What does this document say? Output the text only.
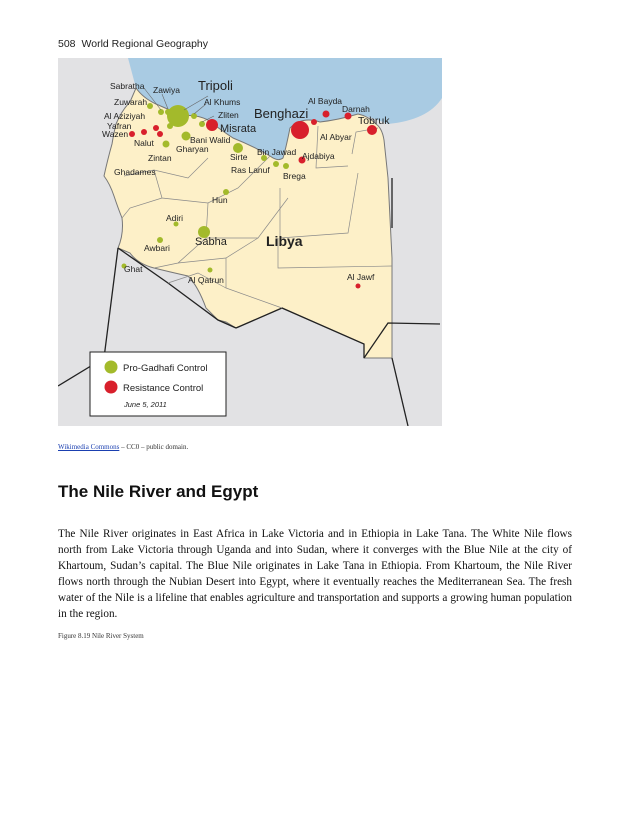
508 World Regional Geography
Sabratha Zawiya Tripoli
Zuwarah	Al Khums
Al Aziziyah	Zliten
Yafran
Wazen	Misrata
Nalut	Bani Walid
Gharyan
Zintan
Ghadames
Benghazi
Al Bayda
Darnah
Tobruk
Al Abyar
Sirte Bin Jawad Ajdabiya
Ras Lanuf
Brega
Hun
Adiri
Awbari Sabha
Ghat
Al Qatrun	Al Jawf
Libya
Pro-Gadhafi Control
Resistance Control
June 5, 2011
Wikimedia Commons – CC0 – public domain.
The Nile River and Egypt

The Nile River originates in East Africa in Lake Victoria and in Ethiopia in Lake Tana. The White Nile flows north from Lake Victoria through Uganda and into Sudan, where it converges with the Blue Nile at the city of Khartoum, Sudan’s capital. The Blue Nile originates in Lake Tana in Ethiopia. From Khartoum, the Nile River flows north through the Nubian Desert into Egypt, where it eventually reaches the Mediterranean Sea. The fresh water of the Nile is a lifeline that enables agriculture and transportation and supports a growing human population in the region.

Figure 8.19 Nile River System
